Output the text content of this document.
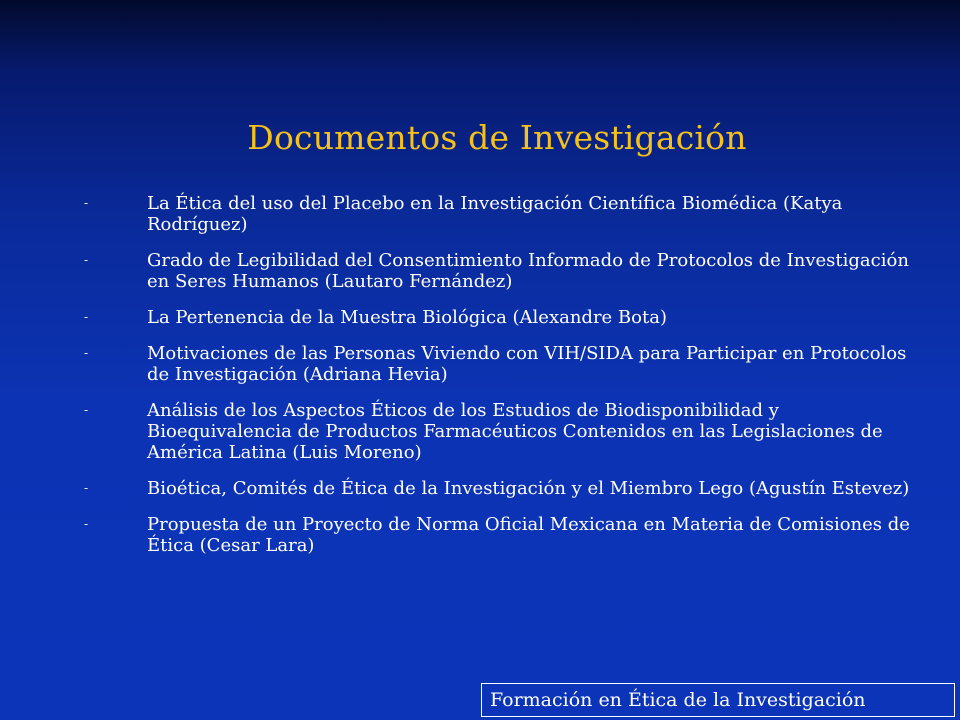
Documentos de Investigación
-	La Ética del uso del Placebo en la Investigación Científica Biomédica (Katya Rodríguez)
-	Grado de Legibilidad del Consentimiento Informado de Protocolos de Investigación en Seres Humanos (Lautaro Fernández)
-	La Pertenencia de la Muestra Biológica (Alexandre Bota)
-	Motivaciones de las Personas Viviendo con VIH/SIDA para Participar en Protocolos de Investigación (Adriana Hevia)
-	Análisis de los Aspectos Éticos de los Estudios de Biodisponibilidad y Bioequivalencia de Productos Farmacéuticos Contenidos en las Legislaciones de América Latina (Luis Moreno)
-	Bioética, Comités de Ética de la Investigación y el Miembro Lego (Agustín Estevez)
-	Propuesta de un Proyecto de Norma Oficial Mexicana en Materia de Comisiones de Ética (Cesar Lara)
Formación en Ética de la Investigación
